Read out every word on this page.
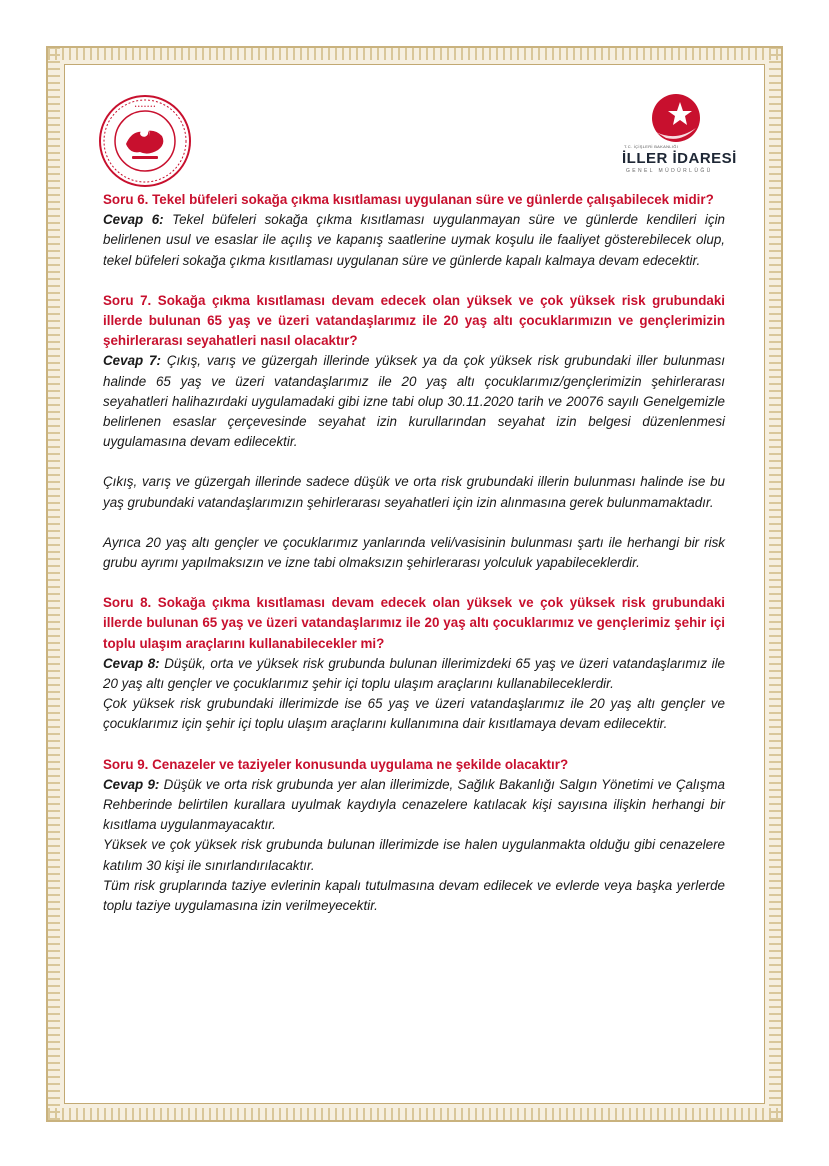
• • • • • • •
T.C. İÇİŞLERİ BAKANLIĞI
İLLER İDARESİ
GENEL MÜDÜRLÜĞÜ

Soru 6. Tekel büfeleri sokağa çıkma kısıtlaması uygulanan süre ve günlerde çalışabilecek midir?

Cevap 6: Tekel büfeleri sokağa çıkma kısıtlaması uygulanmayan süre ve günlerde kendileri için belirlenen usul ve esaslar ile açılış ve kapanış saatlerine uymak koşulu ile faaliyet gösterebilecek olup, tekel büfeleri sokağa çıkma kısıtlaması uygulanan süre ve günlerde kapalı kalmaya devam edecektir.

Soru 7. Sokağa çıkma kısıtlaması devam edecek olan yüksek ve çok yüksek risk grubundaki illerde bulunan 65 yaş ve üzeri vatandaşlarımız ile 20 yaş altı çocuklarımızın ve gençlerimizin şehirlerarası seyahatleri nasıl olacaktır?

Cevap 7: Çıkış, varış ve güzergah illerinde yüksek ya da çok yüksek risk grubundaki iller bulunması halinde 65 yaş ve üzeri vatandaşlarımız ile 20 yaş altı çocuklarımız/gençlerimizin şehirlerarası seyahatleri halihazırdaki uygulamadaki gibi izne tabi olup 30.11.2020 tarih ve 20076 sayılı Genelgemizle belirlenen esaslar çerçevesinde seyahat izin kurullarından seyahat izin belgesi düzenlenmesi uygulamasına devam edilecektir.

Çıkış, varış ve güzergah illerinde sadece düşük ve orta risk grubundaki illerin bulunması halinde ise bu yaş grubundaki vatandaşlarımızın şehirlerarası seyahatleri için izin alınmasına gerek bulunmamaktadır.

Ayrıca 20 yaş altı gençler ve çocuklarımız yanlarında veli/vasisinin bulunması şartı ile herhangi bir risk grubu ayrımı yapılmaksızın ve izne tabi olmaksızın şehirlerarası yolculuk yapabileceklerdir.

Soru 8. Sokağa çıkma kısıtlaması devam edecek olan yüksek ve çok yüksek risk grubundaki illerde bulunan 65 yaş ve üzeri vatandaşlarımız ile 20 yaş altı çocuklarımız ve gençlerimiz şehir içi toplu ulaşım araçlarını kullanabilecekler mi?

Cevap 8: Düşük, orta ve yüksek risk grubunda bulunan illerimizdeki 65 yaş ve üzeri vatandaşlarımız ile 20 yaş altı gençler ve çocuklarımız şehir içi toplu ulaşım araçlarını kullanabileceklerdir.

Çok yüksek risk grubundaki illerimizde ise 65 yaş ve üzeri vatandaşlarımız ile 20 yaş altı gençler ve çocuklarımız için şehir içi toplu ulaşım araçlarını kullanımına dair kısıtlamaya devam edilecektir.

Soru 9. Cenazeler ve taziyeler konusunda uygulama ne şekilde olacaktır?

Cevap 9: Düşük ve orta risk grubunda yer alan illerimizde, Sağlık Bakanlığı Salgın Yönetimi ve Çalışma Rehberinde belirtilen kurallara uyulmak kaydıyla cenazelere katılacak kişi sayısına ilişkin herhangi bir kısıtlama uygulanmayacaktır.

Yüksek ve çok yüksek risk grubunda bulunan illerimizde ise halen uygulanmakta olduğu gibi cenazelere katılım 30 kişi ile sınırlandırılacaktır.

Tüm risk gruplarında taziye evlerinin kapalı tutulmasına devam edilecek ve evlerde veya başka yerlerde toplu taziye uygulamasına izin verilmeyecektir.
